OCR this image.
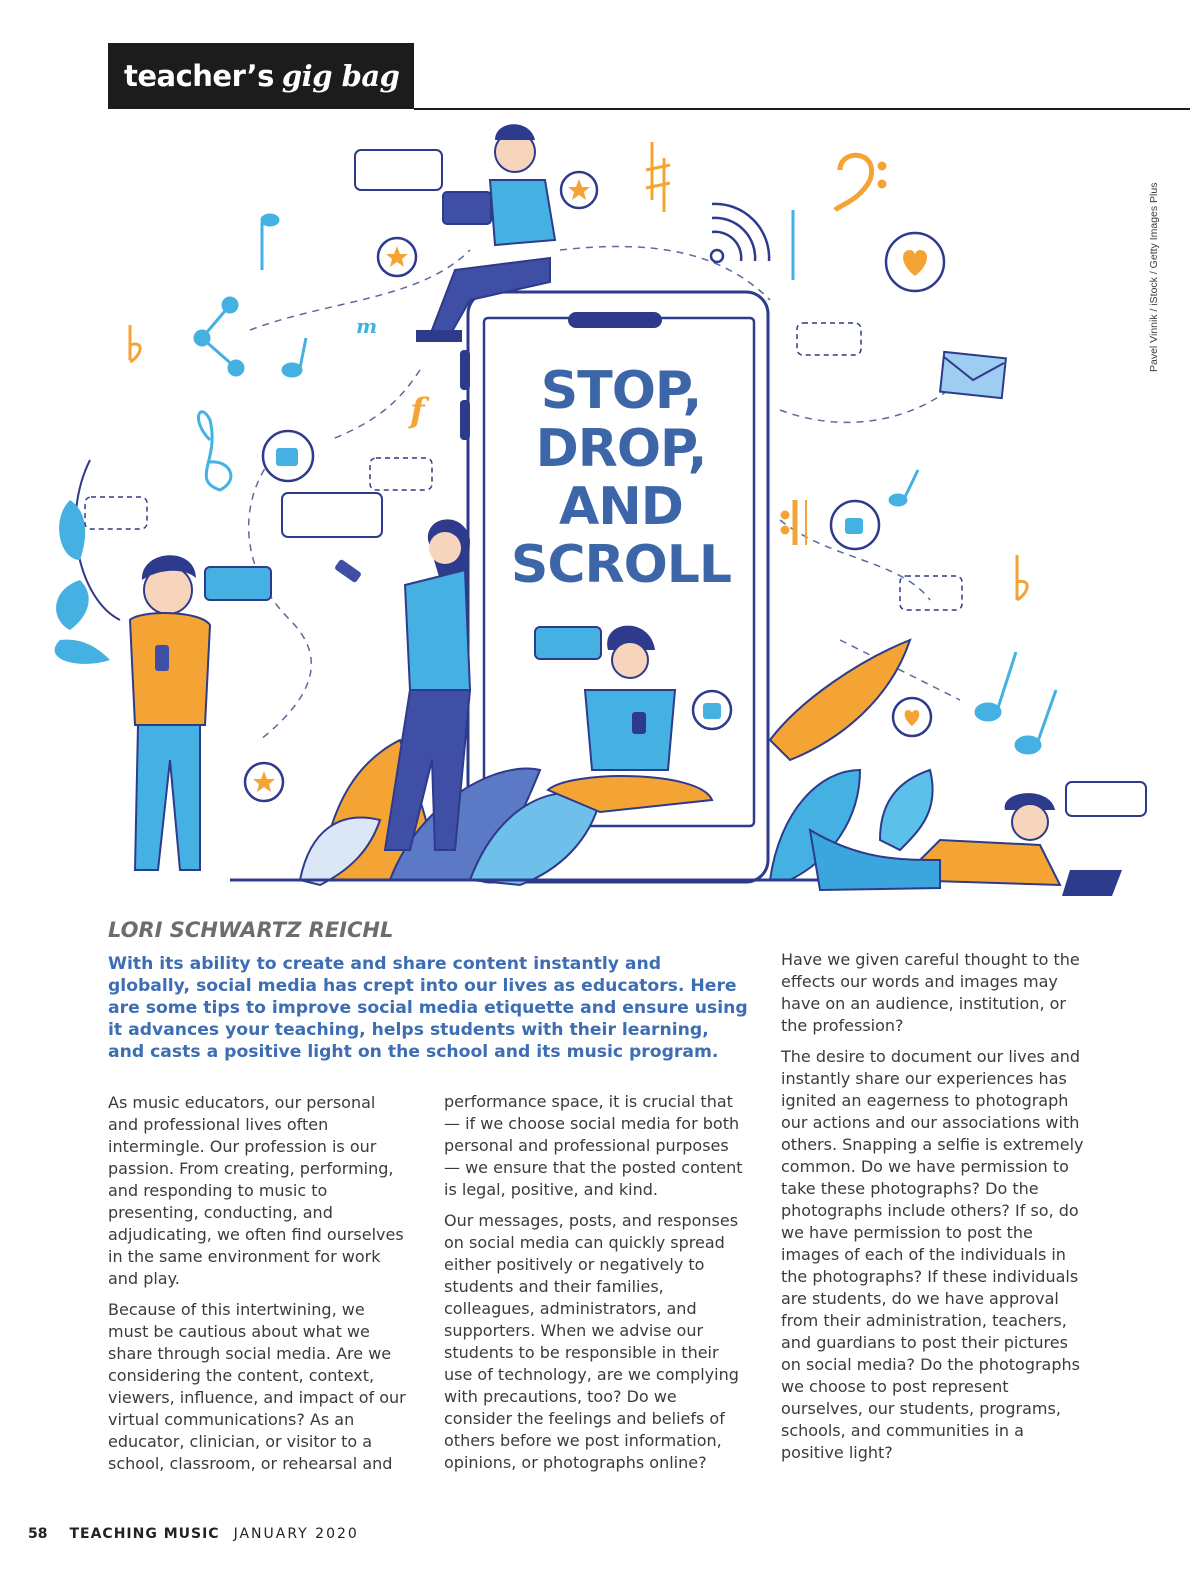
teacher’s gig bag
m
f
Pavel Vinnik / iStock / Getty Images Plus
STOP,
DROP,
AND
SCROLL
LORI SCHWARTZ REICHL
With its ability to create and share content instantly and globally, social media has crept into our lives as educators. Here are some tips to improve social media etiquette and ensure using it advances your teaching, helps students with their learning, and casts a positive light on the school and its music program.

As music educators, our personal and professional lives often intermingle. Our profession is our passion. From creating, performing, and responding to music to presenting, conducting, and adjudicating, we often find ourselves in the same environment for work and play.

Because of this intertwining, we must be cautious about what we share through social media. Are we considering the content, context, viewers, influence, and impact of our virtual communications? As an educator, clinician, or visitor to a school, classroom, or rehearsal and

performance space, it is crucial that — if we choose social media for both personal and professional purposes — we ensure that the posted content is legal, positive, and kind.

Our messages, posts, and responses on social media can quickly spread either positively or negatively to students and their families, colleagues, administrators, and supporters. When we advise our students to be responsible in their use of technology, are we complying with precautions, too? Do we consider the feelings and beliefs of others before we post information, opinions, or photographs online?

Have we given careful thought to the effects our words and images may have on an audience, institution, or the profession?

The desire to document our lives and instantly share our experiences has ignited an eagerness to photograph our actions and our associations with others. Snapping a selfie is extremely common. Do we have permission to take these photographs? Do the photographs include others? If so, do we have permission to post the images of each of the individuals in the photographs? If these individuals are students, do we have approval from their administration, teachers, and guardians to post their pictures on social media? Do the photographs we choose to post represent ourselves, our students, programs, schools, and communities in a positive light?

58 TEACHING MUSIC JANUARY 2020
